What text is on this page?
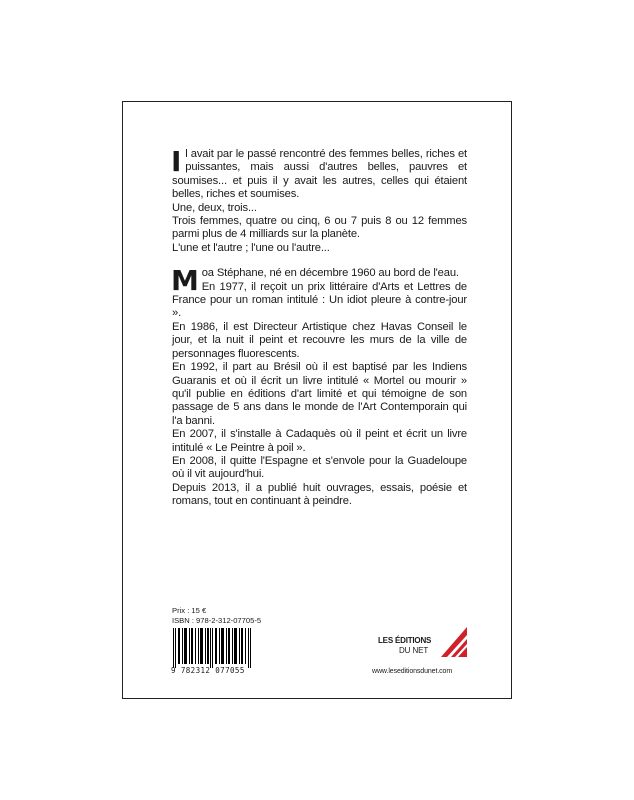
Il avait par le passé rencontré des femmes belles, riches et puissantes, mais aussi d'autres belles, pauvres et soumises... et puis il y avait les autres, celles qui étaient belles, riches et soumises.

Une, deux, trois...

Trois femmes, quatre ou cinq, 6 ou 7 puis 8 ou 12 femmes parmi plus de 4 milliards sur la planète.

L'une et l'autre ; l'une ou l'autre...

Moa Stéphane, né en décembre 1960 au bord de l'eau.
En 1977, il reçoit un prix littéraire d'Arts et Lettres de France pour un roman intitulé : Un idiot pleure à contre-jour ».

En 1986, il est Directeur Artistique chez Havas Conseil le jour, et la nuit il peint et recouvre les murs de la ville de personnages fluorescents.

En 1992, il part au Brésil où il est baptisé par les Indiens Guaranis et où il écrit un livre intitulé « Mortel ou mourir » qu'il publie en éditions d'art limité et qui témoigne de son passage de 5 ans dans le monde de l'Art Contemporain qui l'a banni.

En 2007, il s'installe à Cadaquès où il peint et écrit un livre intitulé « Le Peintre à poil ».

En 2008, il quitte l'Espagne et s'envole pour la Guadeloupe où il vit aujourd'hui.

Depuis 2013, il a publié huit ouvrages, essais, poésie et romans, tout en continuant à peindre.

Prix : 15 €
ISBN : 978-2-312-07705-5
9 782312 077055
LES ÉDITIONS
DU NET
www.leseditionsdunet.com
